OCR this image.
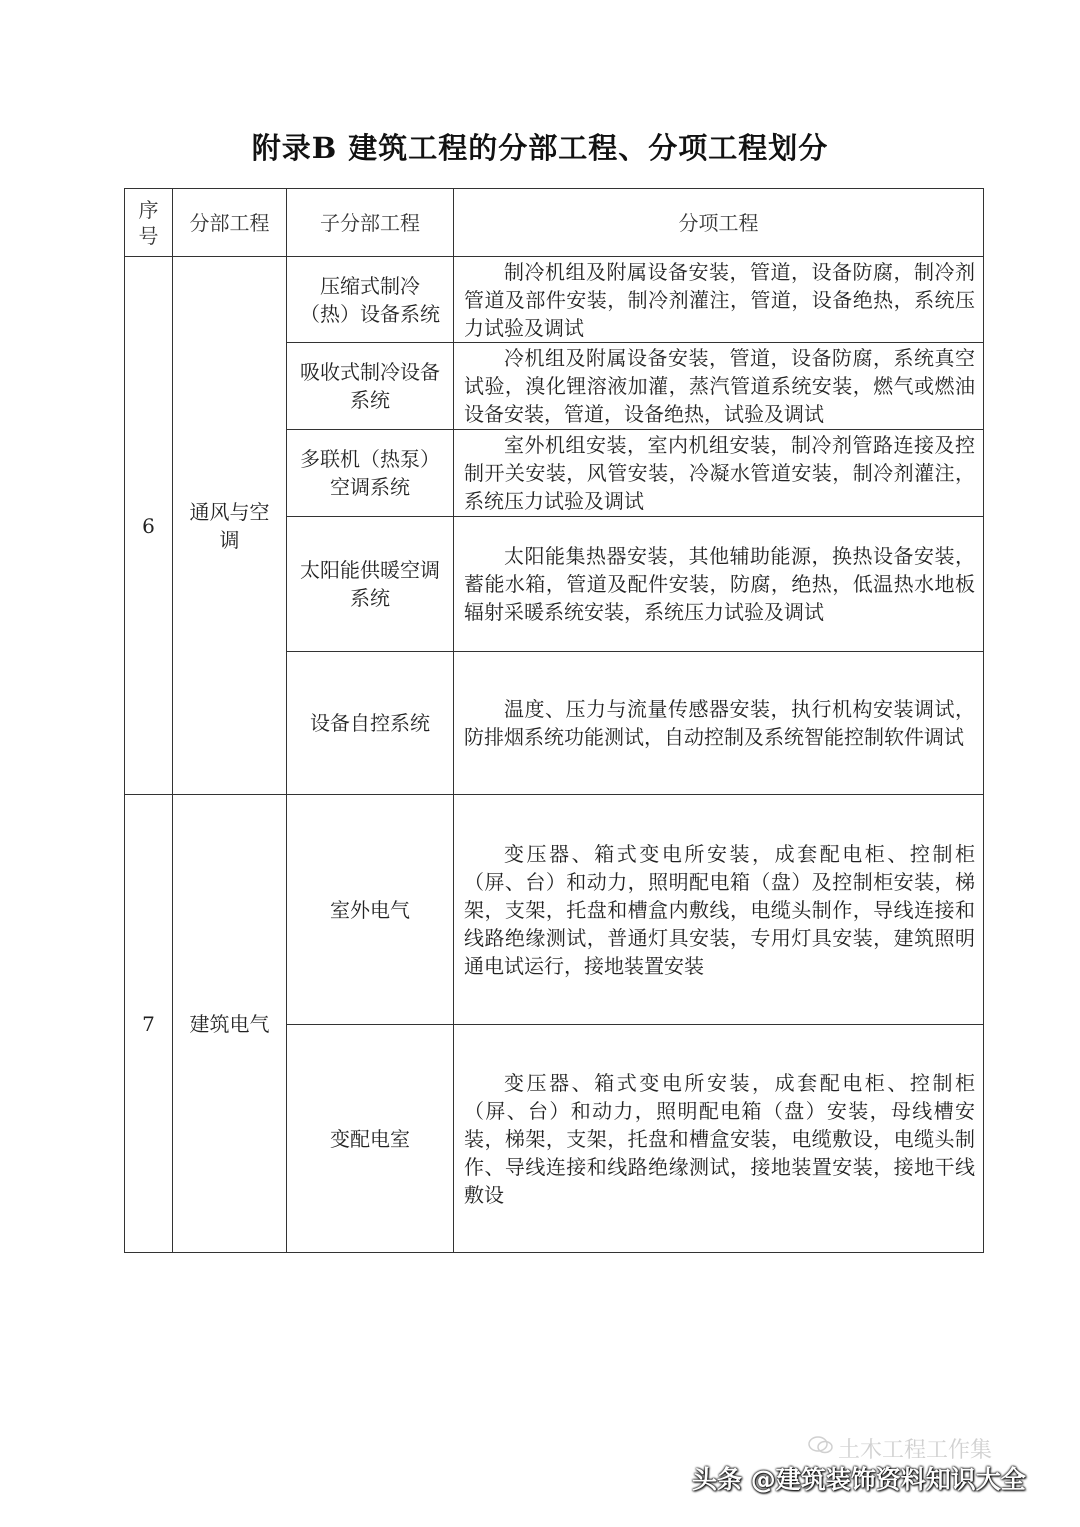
附录B 建筑工程的分部工程、分项工程划分
序号	分部工程	子分部工程	分项工程
6	通风与空调	压缩式制冷（热）设备系统	制冷机组及附属设备安装，管道，设备防腐，制冷剂管道及部件安装，制冷剂灌注，管道，设备绝热，系统压力试验及调试
		吸收式制冷设备系统	冷机组及附属设备安装，管道，设备防腐，系统真空试验，溴化锂溶液加灌，蒸汽管道系统安装，燃气或燃油设备安装，管道，设备绝热，试验及调试
		多联机（热泵）空调系统	室外机组安装，室内机组安装，制冷剂管路连接及控制开关安装，风管安装，冷凝水管道安装，制冷剂灌注，系统压力试验及调试
		太阳能供暖空调系统	太阳能集热器安装，其他辅助能源，换热设备安装，蓄能水箱，管道及配件安装，防腐，绝热，低温热水地板辐射采暖系统安装，系统压力试验及调试
		设备自控系统	温度、压力与流量传感器安装，执行机构安装调试，防排烟系统功能测试，自动控制及系统智能控制软件调试
7	建筑电气	室外电气	变压器、箱式变电所安装，成套配电柜、控制柜（屏、台）和动力，照明配电箱（盘）及控制柜安装，梯架，支架，托盘和槽盒内敷线，电缆头制作，导线连接和线路绝缘测试，普通灯具安装，专用灯具安装，建筑照明通电试运行，接地装置安装
		变配电室	变压器、箱式变电所安装，成套配电柜、控制柜（屏、台）和动力，照明配电箱（盘）安装，母线槽安装，梯架，支架，托盘和槽盒安装，电缆敷设，电缆头制作、导线连接和线路绝缘测试，接地装置安装，接地干线敷设
土木工程工作集
头条 @建筑装饰资料知识大全
